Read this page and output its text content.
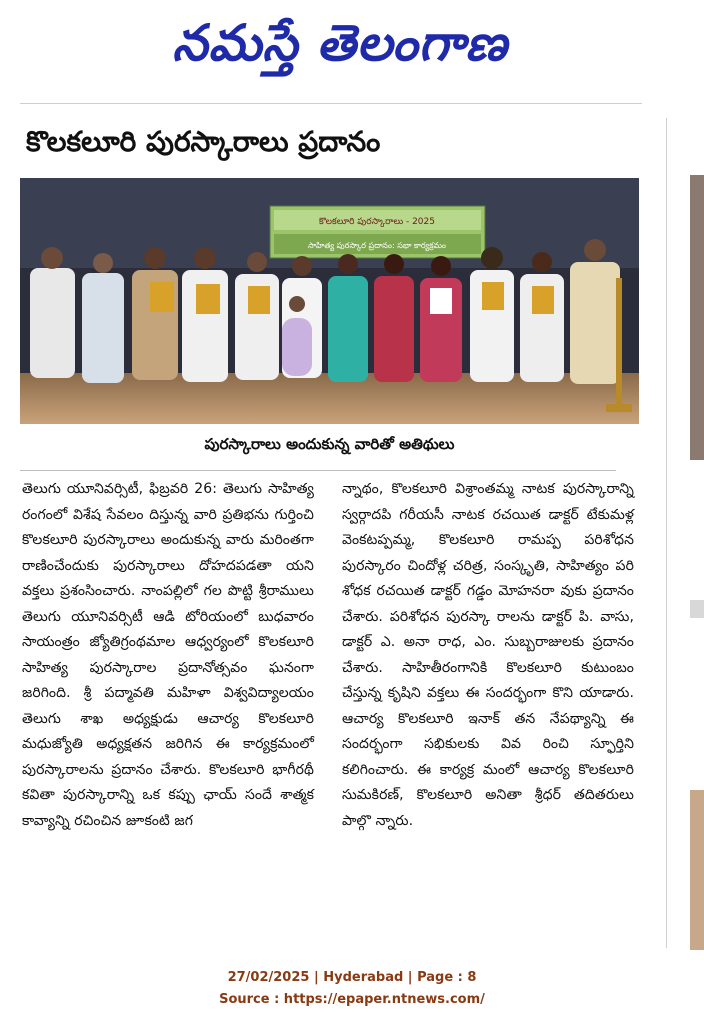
నమస్తే తెలంగాణ
కొలకలూరి పురస్కారాలు ప్రదానం
కొలకలూరి పురస్కారాలు - 2025
సాహిత్య పురస్కార ప్రదానం: సభా కార్యక్రమం
పురస్కారాలు అందుకున్న వారితో అతిథులు
తెలుగు యూనివర్సిటీ, ఫిబ్రవరి 26: తెలుగు సాహిత్య రంగంలో విశేష సేవలం దిస్తున్న వారి ప్రతిభను గుర్తించి కొలకలూరి పురస్కారాలు అందుకున్న వారు మరింతగా రాణించేందుకు పురస్కారాలు దోహదపడతా యని వక్తలు ప్రశంసించారు. నాంపల్లిలో గల పొట్టి శ్రీరాములు తెలుగు యూనివర్సిటీ ఆడి టోరియంలో బుధవారం సాయంత్రం జ్యోతిగ్రంథమాల ఆధ్వర్యంలో కొలకలూరి సాహిత్య పురస్కారాల ప్రదానోత్సవం ఘనంగా జరిగింది. శ్రీ పద్మావతి మహిళా విశ్వవిద్యాలయం తెలుగు శాఖ అధ్యక్షుడు ఆచార్య కొలకలూరి మధుజ్యోతి అధ్యక్షతన జరిగిన ఈ కార్యక్రమంలో పురస్కారాలను ప్రదానం చేశారు. కొలకలూరి భాగీరథీ కవితా పురస్కారాన్ని ఒక కప్పు ఛాయ్ సందే శాత్మక కావ్యాన్ని రచించిన జూకంటి జగ
న్నాథం, కొలకలూరి విశ్రాంతమ్మ నాటక పురస్కారాన్ని స్వర్గాదపి గరీయసీ నాటక రచయిత డాక్టర్ టేకుమళ్ల వెంకటప్పమ్మ, కొలకలూరి రామప్ప పరిశోధన పురస్కారం చిందోళ్ల చరిత్ర, సంస్కృతి, సాహిత్యం పరి శోధక రచయిత డాక్టర్ గడ్డం మోహనరా వుకు ప్రదానం చేశారు. పరిశోధన పురస్కా రాలను డాక్టర్ పి. వాసు, డాక్టర్ ఎ. అనా రాధ, ఎం. సుబ్బరాజులకు ప్రదానం చేశారు. సాహితీరంగానికి కొలకలూరి కుటుంబం చేస్తున్న కృషిని వక్తలు ఈ సందర్భంగా కొని యాడారు. ఆచార్య కొలకలూరి ఇనాక్ తన నేపథ్యాన్ని ఈ సందర్భంగా సభికులకు వివ రించి స్ఫూర్తిని కలిగించారు. ఈ కార్యక్ర మంలో ఆచార్య కొలకలూరి సుమకిరణ్, కొలకలూరి అనితా శ్రీధర్ తదితరులు పాల్గొ న్నారు.
27/02/2025 | Hyderabad | Page : 8
Source : https://epaper.ntnews.com/
